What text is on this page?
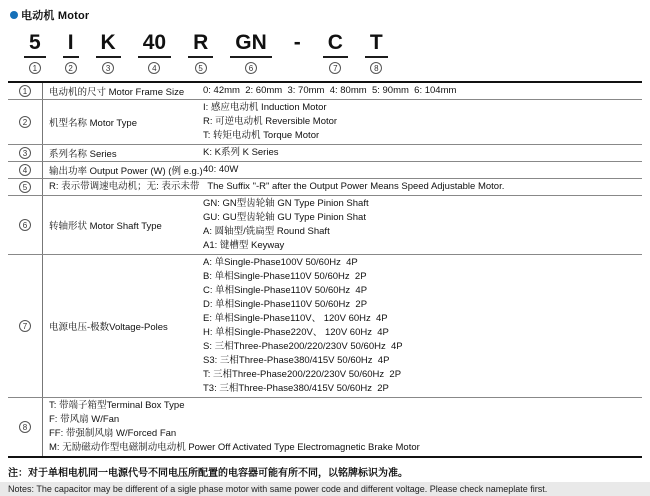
电动机 Motor
5
1
I
2
K
3
40
4
R
5
GN
6
- C
7
T
8
1	电动机的尺寸 Motor Frame Size	0: 42mm  2: 60mm  3: 70mm  4: 80mm  5: 90mm  6: 104mm
2	机型名称 Motor Type
I: 感应电动机 Induction Motor
R: 可逆电动机 Reversible Motor
T: 转矩电动机 Torque Motor
3	系列名称 Series	K: K系列 K Series
4	输出功率 Output Power (W) (例 e.g.) 40: 40W
5	R: 表示带调速电动机；无: 表示未带   The Suffix "-R" after the Output Power Means Speed Adjustable Motor.
6	转轴形状 Motor Shaft Type
GN: GN型齿轮轴 GN Type Pinion Shaft
GU: GU型齿轮轴 GU Type Pinion Shat
A: 圆轴型/铣扁型 Round Shaft
A1: 键槽型 Keyway
7	电源电压-极数Voltage-Poles
A: 单Single-Phase100V 50/60Hz  4P
B: 单相Single-Phase110V 50/60Hz  2P
C: 单相Single-Phase110V 50/60Hz  4P
D: 单相Single-Phase110V 50/60Hz  2P
E: 单相Single-Phase110V、 120V 60Hz  4P
H: 单相Single-Phase220V、 120V 60Hz  4P
S: 三相Three-Phase200/220/230V 50/60Hz  4P
S3: 三相Three-Phase380/415V 50/60Hz  4P
T: 三相Three-Phase200/220/230V 50/60Hz  2P
T3: 三相Three-Phase380/415V 50/60Hz  2P
8
T: 带端子箱型Terminal Box Type
F: 带风扇 W/Fan
FF: 带强制风扇 W/Forced Fan
M: 无励磁动作型电磁制动电动机 Power Off Activated Type Electromagnetic Brake Motor
注：对于单相电机同一电源代号不同电压所配置的电容器可能有所不同，以铭牌标识为准。
Notes: The capacitor may be different of a sigle phase motor with same power code and different voltage. Please check nameplate first.
